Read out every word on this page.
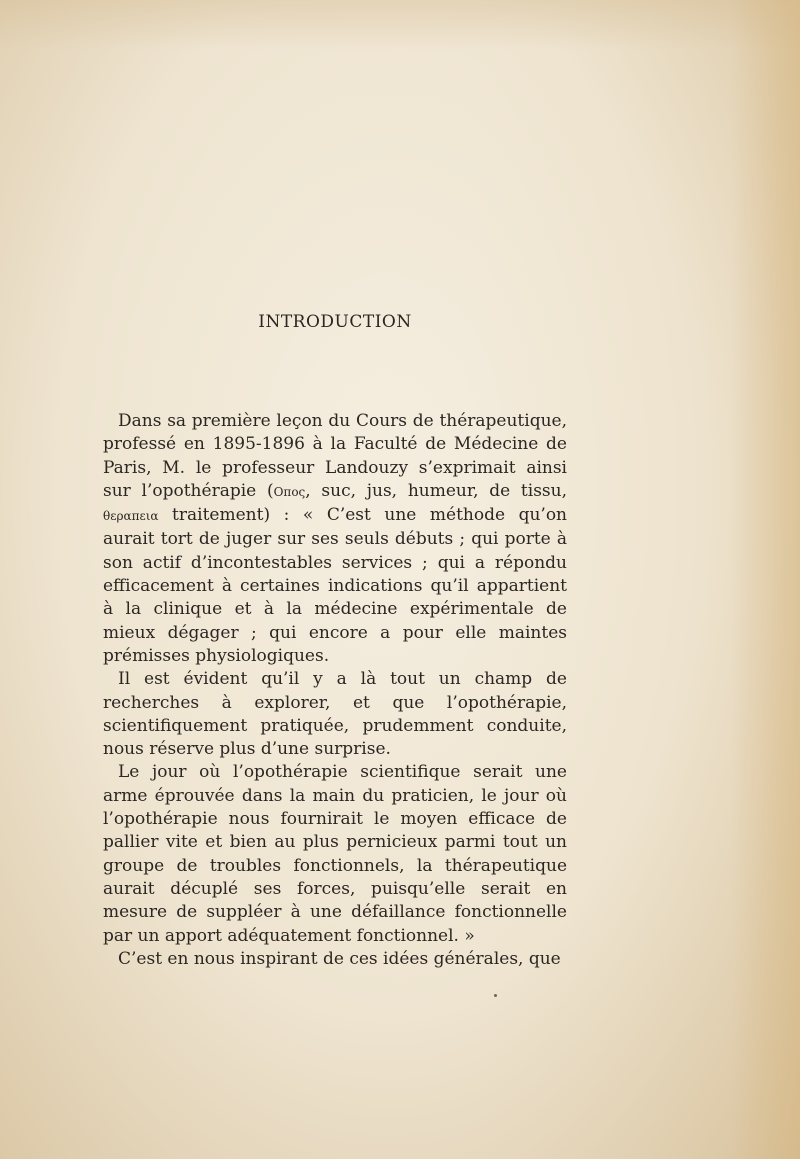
INTRODUCTION

Dans sa première leçon du Cours de thérapeutique, professé en 1895-1896 à la Faculté de Médecine de Paris, M. le professeur Landouzy s’exprimait ainsi sur l’opothérapie (Oπος, suc, jus, humeur, de tissu, θεραπεια traitement) : « C’est une méthode qu’on aurait tort de juger sur ses seuls débuts ; qui porte à son actif d’incontestables services ; qui a répondu efficacement à certaines indications qu’il appartient à la clinique et à la médecine expérimentale de mieux dégager ; qui encore a pour elle maintes prémisses physiologiques.

Il est évident qu’il y a là tout un champ de recherches à explorer, et que l’opothérapie, scientifiquement pratiquée, prudemment conduite, nous réserve plus d’une surprise.

Le jour où l’opothérapie scientifique serait une arme éprouvée dans la main du praticien, le jour où l’opothérapie nous fournirait le moyen efficace de pallier vite et bien au plus pernicieux parmi tout un groupe de troubles fonctionnels, la thérapeutique aurait décuplé ses forces, puisqu’elle serait en mesure de suppléer à une défaillance fonctionnelle par un apport adéquatement fonctionnel. »

C’est en nous inspirant de ces idées générales, que
